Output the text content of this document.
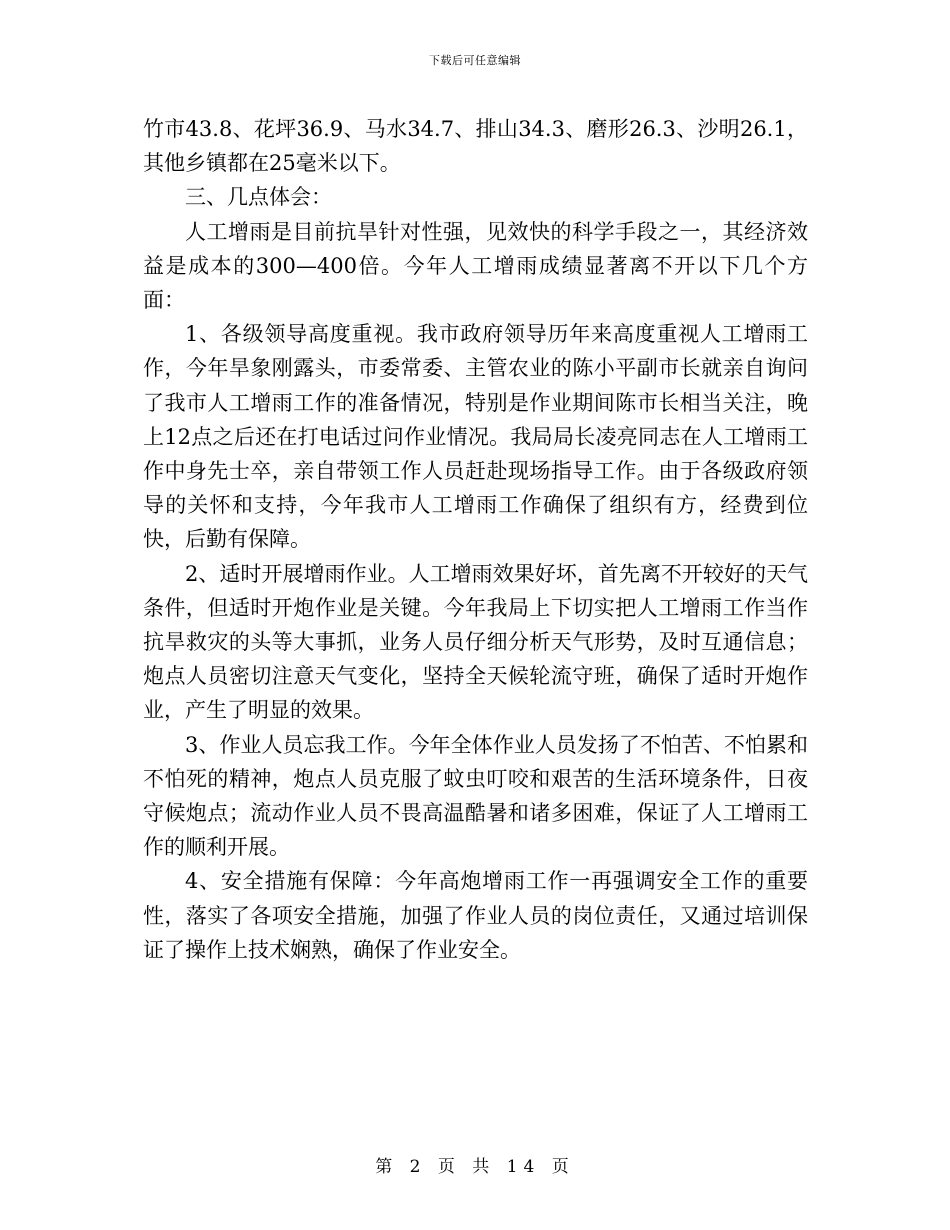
下载后可任意编辑

竹市43.8、花坪36.9、马水34.7、排山34.3、磨形26.3、沙明26.1，其他乡镇都在25毫米以下。

三、几点体会：

人工增雨是目前抗旱针对性强，见效快的科学手段之一，其经济效益是成本的300—400倍。今年人工增雨成绩显著离不开以下几个方面：

1、各级领导高度重视。我市政府领导历年来高度重视人工增雨工作，今年旱象刚露头，市委常委、主管农业的陈小平副市长就亲自询问了我市人工增雨工作的准备情况，特别是作业期间陈市长相当关注，晚上12点之后还在打电话过问作业情况。我局局长凌亮同志在人工增雨工作中身先士卒，亲自带领工作人员赶赴现场指导工作。由于各级政府领导的关怀和支持，今年我市人工增雨工作确保了组织有方，经费到位快，后勤有保障。

2、适时开展增雨作业。人工增雨效果好坏，首先离不开较好的天气条件，但适时开炮作业是关键。今年我局上下切实把人工增雨工作当作抗旱救灾的头等大事抓，业务人员仔细分析天气形势，及时互通信息；炮点人员密切注意天气变化，坚持全天候轮流守班，确保了适时开炮作业，产生了明显的效果。

3、作业人员忘我工作。今年全体作业人员发扬了不怕苦、不怕累和不怕死的精神，炮点人员克服了蚊虫叮咬和艰苦的生活环境条件，日夜守候炮点；流动作业人员不畏高温酷暑和诸多困难，保证了人工增雨工作的顺利开展。

4、安全措施有保障：今年高炮增雨工作一再强调安全工作的重要性，落实了各项安全措施，加强了作业人员的岗位责任，又通过培训保证了操作上技术娴熟，确保了作业安全。

第 2 页 共 14 页
